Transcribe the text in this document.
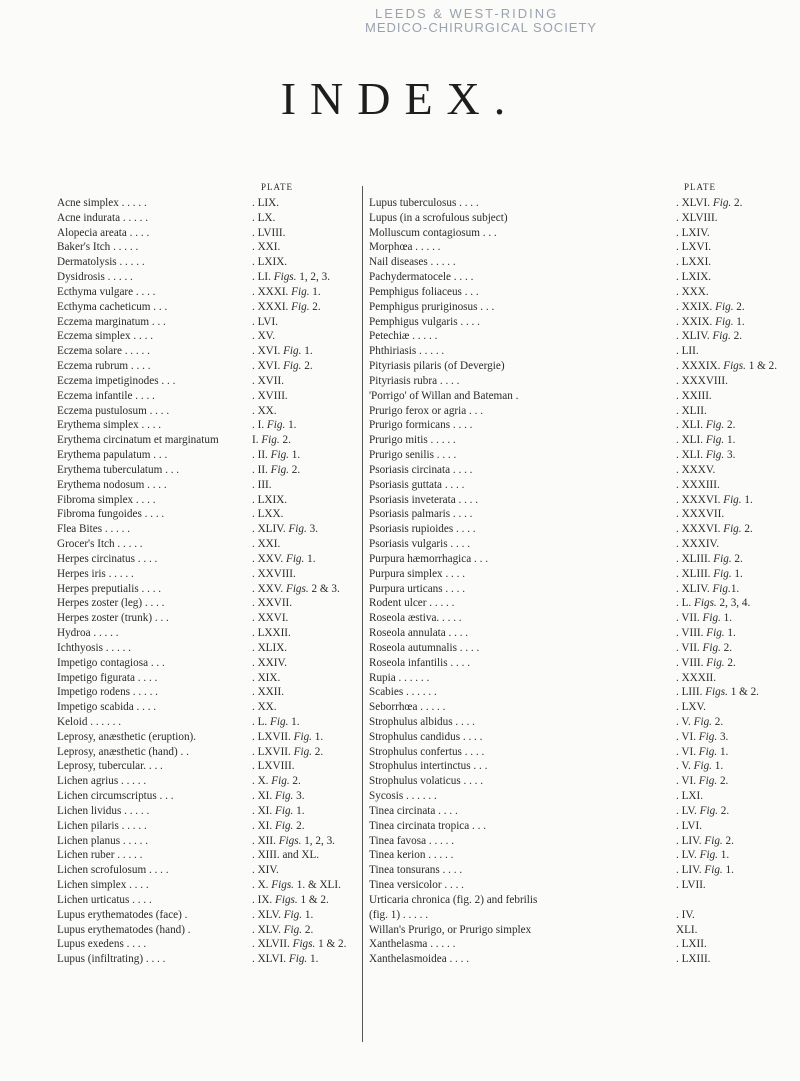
LEEDS & WEST-RIDING
MEDICO-CHIRURGICAL SOCIETY
INDEX.
PLATE
Acne simplex . . . . .	. LIX.
Acne indurata . . . . .	. LX.
Alopecia areata . . . .	. LVIII.
Baker's Itch . . . . .	. XXI.
Dermatolysis . . . . .	. LXIX.
Dysidrosis . . . . .	. LI. Figs. 1, 2, 3.
Ecthyma vulgare . . . .	. XXXI. Fig. 1.
Ecthyma cacheticum . . .	. XXXI. Fig. 2.
Eczema marginatum . . .	. LVI.
Eczema simplex . . . .	. XV.
Eczema solare . . . . .	. XVI. Fig. 1.
Eczema rubrum . . . .	. XVI. Fig. 2.
Eczema impetiginodes . . .	. XVII.
Eczema infantile . . . .	. XVIII.
Eczema pustulosum . . . .	. XX.
Erythema simplex . . . .	. I. Fig. 1.
Erythema circinatum et marginatum	I. Fig. 2.
Erythema papulatum . . .	. II. Fig. 1.
Erythema tuberculatum . . .	. II. Fig. 2.
Erythema nodosum . . . .	. III.
Fibroma simplex . . . .	. LXIX.
Fibroma fungoides . . . .	. LXX.
Flea Bites . . . . .	. XLIV. Fig. 3.
Grocer's Itch . . . . .	. XXI.
Herpes circinatus . . . .	. XXV. Fig. 1.
Herpes iris . . . . .	. XXVIII.
Herpes preputialis . . . .	. XXV. Figs. 2 & 3.
Herpes zoster (leg) . . . .	. XXVII.
Herpes zoster (trunk) . . .	. XXVI.
Hydroa . . . . .	. LXXII.
Ichthyosis . . . . .	. XLIX.
Impetigo contagiosa . . .	. XXIV.
Impetigo figurata . . . .	. XIX.
Impetigo rodens . . . . .	. XXII.
Impetigo scabida . . . .	. XX.
Keloid . . . . . .	. L. Fig. 1.
Leprosy, anæsthetic (eruption).	. LXVII. Fig. 1.
Leprosy, anæsthetic (hand) . .	. LXVII. Fig. 2.
Leprosy, tubercular. . . .	. LXVIII.
Lichen agrius . . . . .	. X. Fig. 2.
Lichen circumscriptus . . .	. XI. Fig. 3.
Lichen lividus . . . . .	. XI. Fig. 1.
Lichen pilaris . . . . .	. XI. Fig. 2.
Lichen planus . . . . .	. XII. Figs. 1, 2, 3.
Lichen ruber . . . . .	. XIII. and XL.
Lichen scrofulosum . . . .	. XIV.
Lichen simplex . . . .	. X. Figs. 1. & XLI.
Lichen urticatus . . . .	. IX. Figs. 1 & 2.
Lupus erythematodes (face) .	. XLV. Fig. 1.
Lupus erythematodes (hand) .	. XLV. Fig. 2.
Lupus exedens . . . .	. XLVII. Figs. 1 & 2.
Lupus (infiltrating) . . . .	. XLVI. Fig. 1.
PLATE
Lupus tuberculosus . . . .	. XLVI. Fig. 2.
Lupus (in a scrofulous subject)	. XLVIII.
Molluscum contagiosum . . .	. LXIV.
Morphœa . . . . .	. LXVI.
Nail diseases . . . . .	. LXXI.
Pachydermatocele . . . .	. LXIX.
Pemphigus foliaceus . . .	. XXX.
Pemphigus pruriginosus . . .	. XXIX. Fig. 2.
Pemphigus vulgaris . . . .	. XXIX. Fig. 1.
Petechiæ . . . . .	. XLIV. Fig. 2.
Phthiriasis . . . . .	. LII.
Pityriasis pilaris (of Devergie)	. XXXIX. Figs. 1 & 2.
Pityriasis rubra . . . .	. XXXVIII.
'Porrigo' of Willan and Bateman .	. XXIII.
Prurigo ferox or agria . . .	. XLII.
Prurigo formicans . . . .	. XLI. Fig. 2.
Prurigo mitis . . . . .	. XLI. Fig. 1.
Prurigo senilis . . . .	. XLI. Fig. 3.
Psoriasis circinata . . . .	. XXXV.
Psoriasis guttata . . . .	. XXXIII.
Psoriasis inveterata . . . .	. XXXVI. Fig. 1.
Psoriasis palmaris . . . .	. XXXVII.
Psoriasis rupioides . . . .	. XXXVI. Fig. 2.
Psoriasis vulgaris . . . .	. XXXIV.
Purpura hæmorrhagica . . .	. XLIII. Fig. 2.
Purpura simplex . . . .	. XLIII. Fig. 1.
Purpura urticans . . . .	. XLIV. Fig.1.
Rodent ulcer . . . . .	. L. Figs. 2, 3, 4.
Roseola æstiva. . . . .	. VII. Fig. 1.
Roseola annulata . . . .	. VIII. Fig. 1.
Roseola autumnalis . . . .	. VII. Fig. 2.
Roseola infantilis . . . .	. VIII. Fig. 2.
Rupia . . . . . .	. XXXII.
Scabies . . . . . .	. LIII. Figs. 1 & 2.
Seborrhœa . . . . .	. LXV.
Strophulus albidus . . . .	. V. Fig. 2.
Strophulus candidus . . . .	. VI. Fig. 3.
Strophulus confertus . . . .	. VI. Fig. 1.
Strophulus intertinctus . . .	. V. Fig. 1.
Strophulus volaticus . . . .	. VI. Fig. 2.
Sycosis . . . . . .	. LXI.
Tinea circinata . . . .	. LV. Fig. 2.
Tinea circinata tropica . . .	. LVI.
Tinea favosa . . . . .	. LIV. Fig. 2.
Tinea kerion . . . . .	. LV. Fig. 1.
Tinea tonsurans . . . .	. LIV. Fig. 1.
Tinea versicolor . . . .	. LVII.
Urticaria chronica (fig. 2) and febrilis
(fig. 1) . . . . .	. IV.
Willan's Prurigo, or Prurigo simplex	XLI.
Xanthelasma . . . . .	. LXII.
Xanthelasmoidea . . . .	. LXIII.
